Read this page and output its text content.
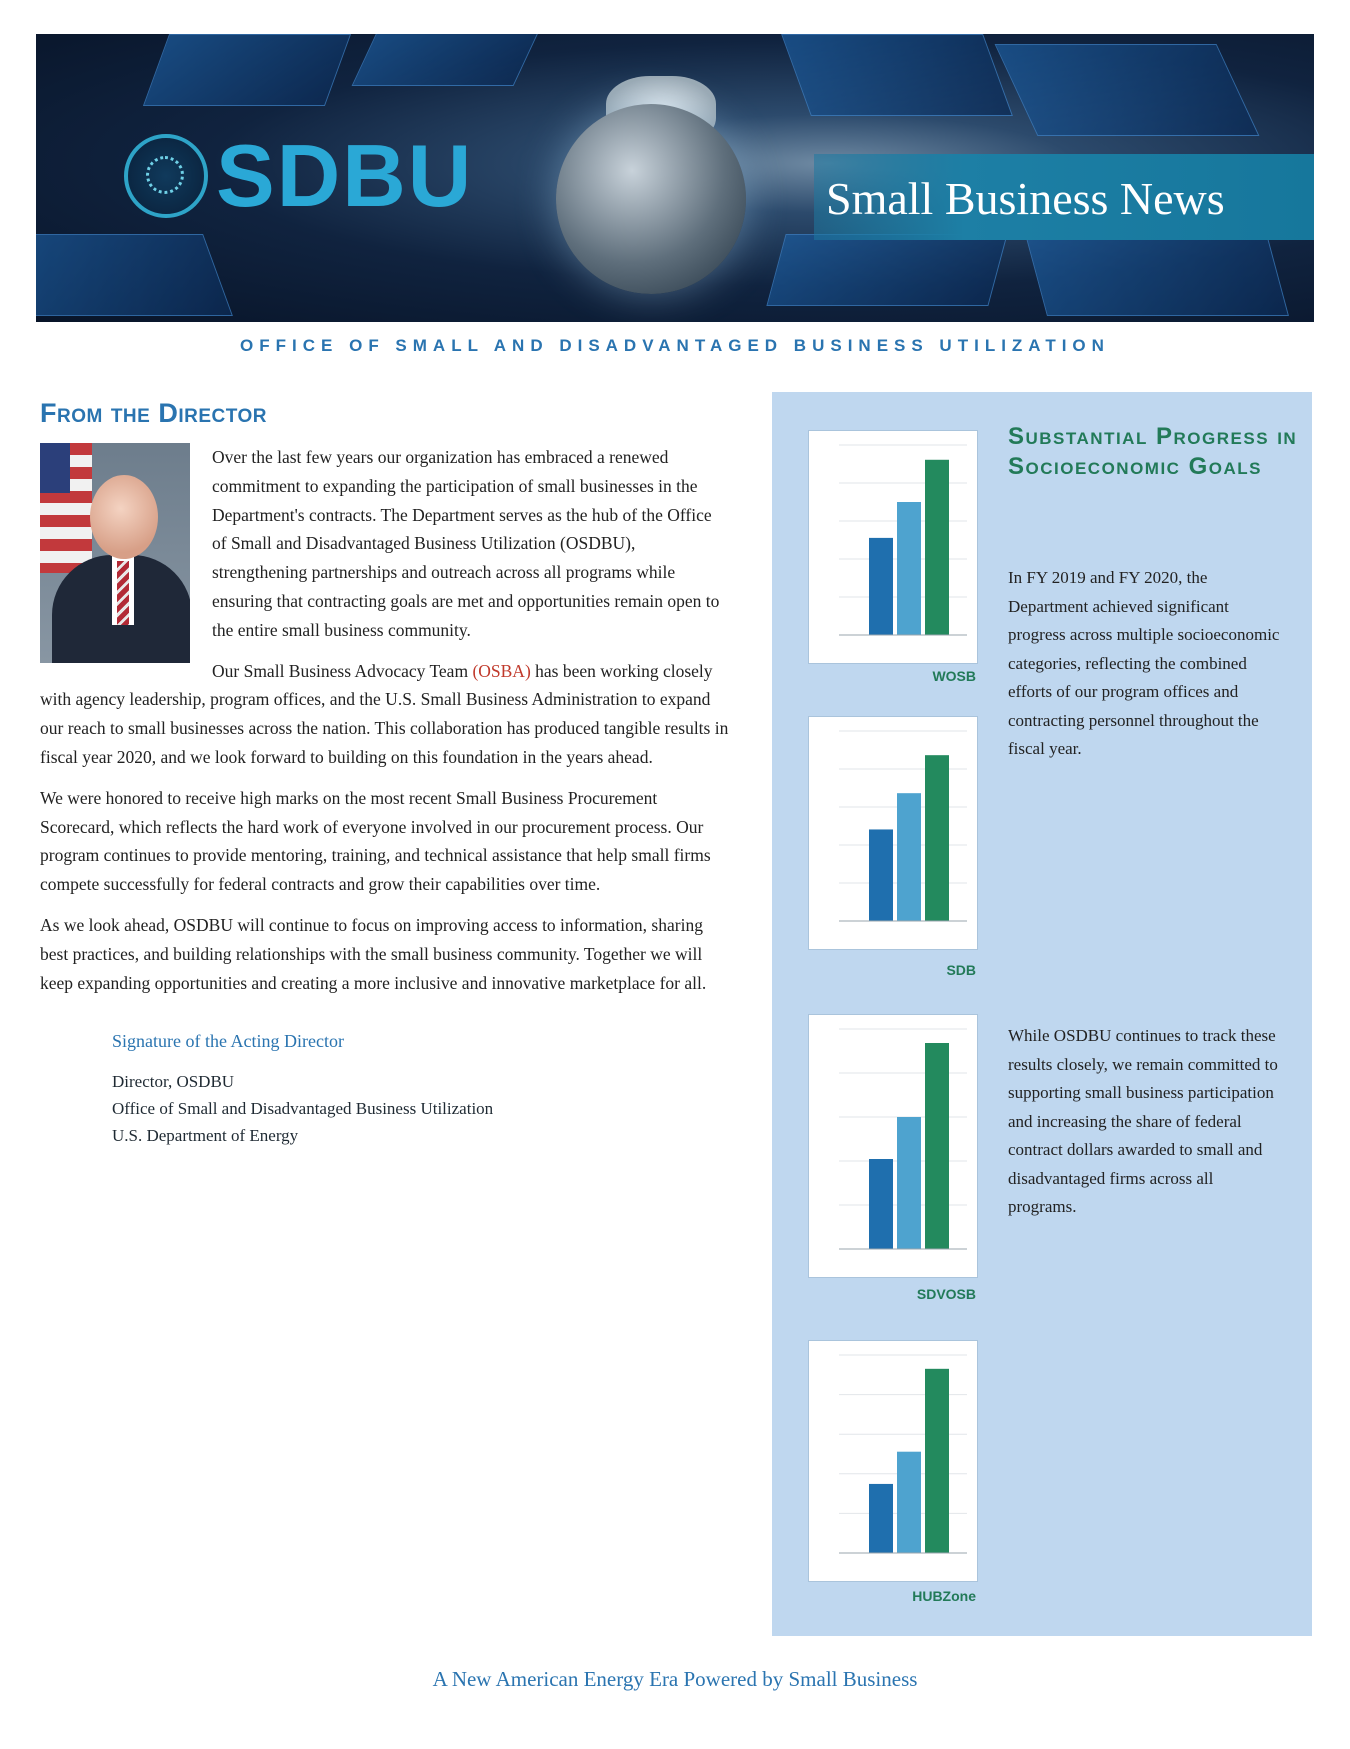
SDBU	Small Business News
OFFICE OF SMALL AND DISADVANTAGED BUSINESS UTILIZATION
From the Director

Over the last few years our organization has embraced a renewed commitment to expanding the participation of small businesses in the Department's contracts. The Department serves as the hub of the Office of Small and Disadvantaged Business Utilization (OSDBU), strengthening partnerships and outreach across all programs while ensuring that contracting goals are met and opportunities remain open to the entire small business community.

Our Small Business Advocacy Team (OSBA) has been working closely with agency leadership, program offices, and the U.S. Small Business Administration to expand our reach to small businesses across the nation. This collaboration has produced tangible results in fiscal year 2020, and we look forward to building on this foundation in the years ahead.

We were honored to receive high marks on the most recent Small Business Procurement Scorecard, which reflects the hard work of everyone involved in our procurement process. Our program continues to provide mentoring, training, and technical assistance that help small firms compete successfully for federal contracts and grow their capabilities over time.

As we look ahead, OSDBU will continue to focus on improving access to information, sharing best practices, and building relationships with the small business community. Together we will keep expanding opportunities and creating a more inclusive and innovative marketplace for all.

Signature of the Acting Director
Director, OSDBU
Office of Small and Disadvantaged Business Utilization
U.S. Department of Energy
WOSB
SDB
SDVOSB
HUBZone
Substantial Progress in Socioeconomic Goals
In FY 2019 and FY 2020, the Department achieved significant progress across multiple socioeconomic categories, reflecting the combined efforts of our program offices and contracting personnel throughout the fiscal year.
While OSDBU continues to track these results closely, we remain committed to supporting small business participation and increasing the share of federal contract dollars awarded to small and disadvantaged firms across all programs.
A New American Energy Era Powered by Small Business
